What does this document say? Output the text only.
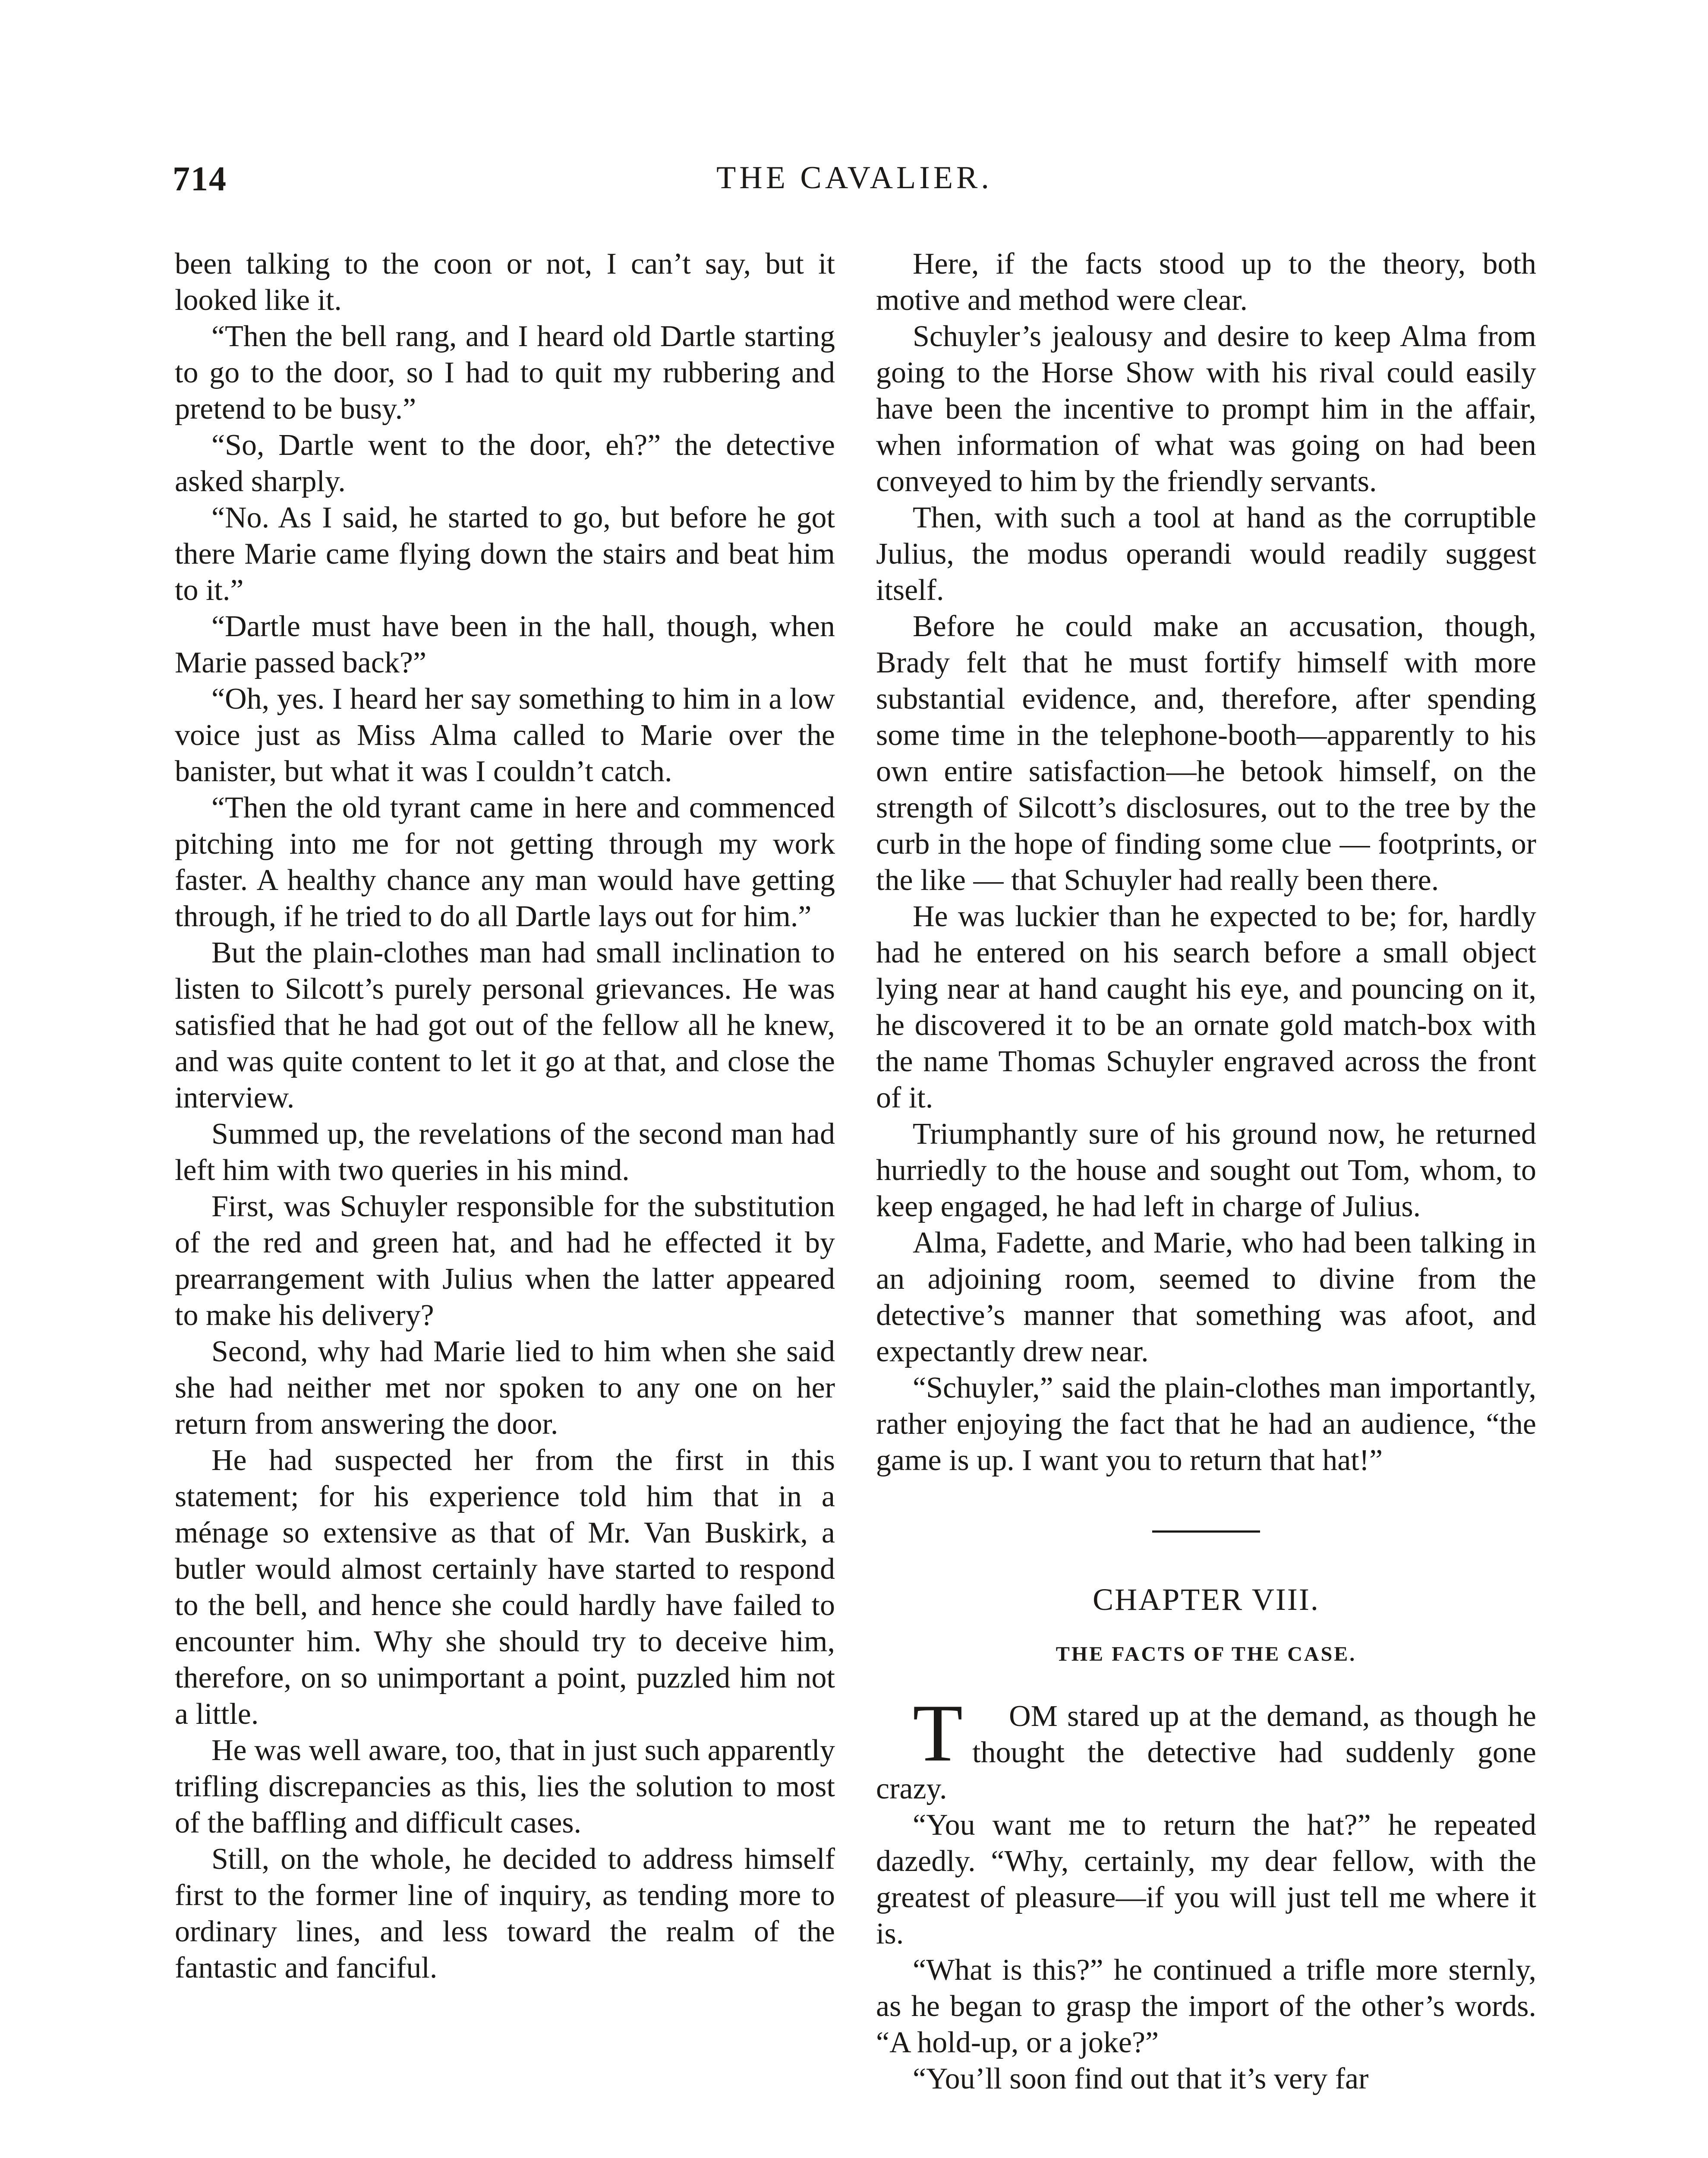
714	THE CAVALIER.

been talking to the coon or not, I can’t say, but it looked like it.

“Then the bell rang, and I heard old Dartle starting to go to the door, so I had to quit my rubbering and pretend to be busy.”

“So, Dartle went to the door, eh?” the detective asked sharply.

“No. As I said, he started to go, but before he got there Marie came flying down the stairs and beat him to it.”

“Dartle must have been in the hall, though, when Marie passed back?”

“Oh, yes. I heard her say something to him in a low voice just as Miss Alma called to Marie over the banister, but what it was I couldn’t catch.

“Then the old tyrant came in here and commenced pitching into me for not getting through my work faster. A healthy chance any man would have getting through, if he tried to do all Dartle lays out for him.”

But the plain-clothes man had small inclination to listen to Silcott’s purely personal grievances. He was satisfied that he had got out of the fellow all he knew, and was quite content to let it go at that, and close the interview.

Summed up, the revelations of the second man had left him with two queries in his mind.

First, was Schuyler responsible for the substitution of the red and green hat, and had he effected it by prearrangement with Julius when the latter appeared to make his delivery?

Second, why had Marie lied to him when she said she had neither met nor spoken to any one on her return from answering the door.

He had suspected her from the first in this statement; for his experience told him that in a ménage so extensive as that of Mr. Van Buskirk, a butler would almost certainly have started to respond to the bell, and hence she could hardly have failed to encounter him. Why she should try to deceive him, therefore, on so unimportant a point, puzzled him not a little.

He was well aware, too, that in just such apparently trifling discrepancies as this, lies the solution to most of the baffling and difficult cases.

Still, on the whole, he decided to address himself first to the former line of inquiry, as tending more to ordinary lines, and less toward the realm of the fantastic and fanciful.

Here, if the facts stood up to the theory, both motive and method were clear.

Schuyler’s jealousy and desire to keep Alma from going to the Horse Show with his rival could easily have been the incentive to prompt him in the affair, when information of what was going on had been conveyed to him by the friendly servants.

Then, with such a tool at hand as the corruptible Julius, the modus operandi would readily suggest itself.

Before he could make an accusation, though, Brady felt that he must fortify himself with more substantial evidence, and, therefore, after spending some time in the telephone-booth—apparently to his own entire satisfaction—he betook himself, on the strength of Silcott’s disclosures, out to the tree by the curb in the hope of finding some clue — footprints, or the like — that Schuyler had really been there.

He was luckier than he expected to be; for, hardly had he entered on his search before a small object lying near at hand caught his eye, and pouncing on it, he discovered it to be an ornate gold match-box with the name Thomas Schuyler engraved across the front of it.

Triumphantly sure of his ground now, he returned hurriedly to the house and sought out Tom, whom, to keep engaged, he had left in charge of Julius.

Alma, Fadette, and Marie, who had been talking in an adjoining room, seemed to divine from the detective’s manner that something was afoot, and expectantly drew near.

“Schuyler,” said the plain-clothes man importantly, rather enjoying the fact that he had an audience, “the game is up. I want you to return that hat!”

CHAPTER VIII.
THE FACTS OF THE CASE.

T OM stared up at the demand, as though he thought the detective had suddenly gone crazy.

“You want me to return the hat?” he repeated dazedly. “Why, certainly, my dear fellow, with the greatest of pleasure—if you will just tell me where it is.

“What is this?” he continued a trifle more sternly, as he began to grasp the import of the other’s words. “A hold-up, or a joke?”

“You’ll soon find out that it’s very far
